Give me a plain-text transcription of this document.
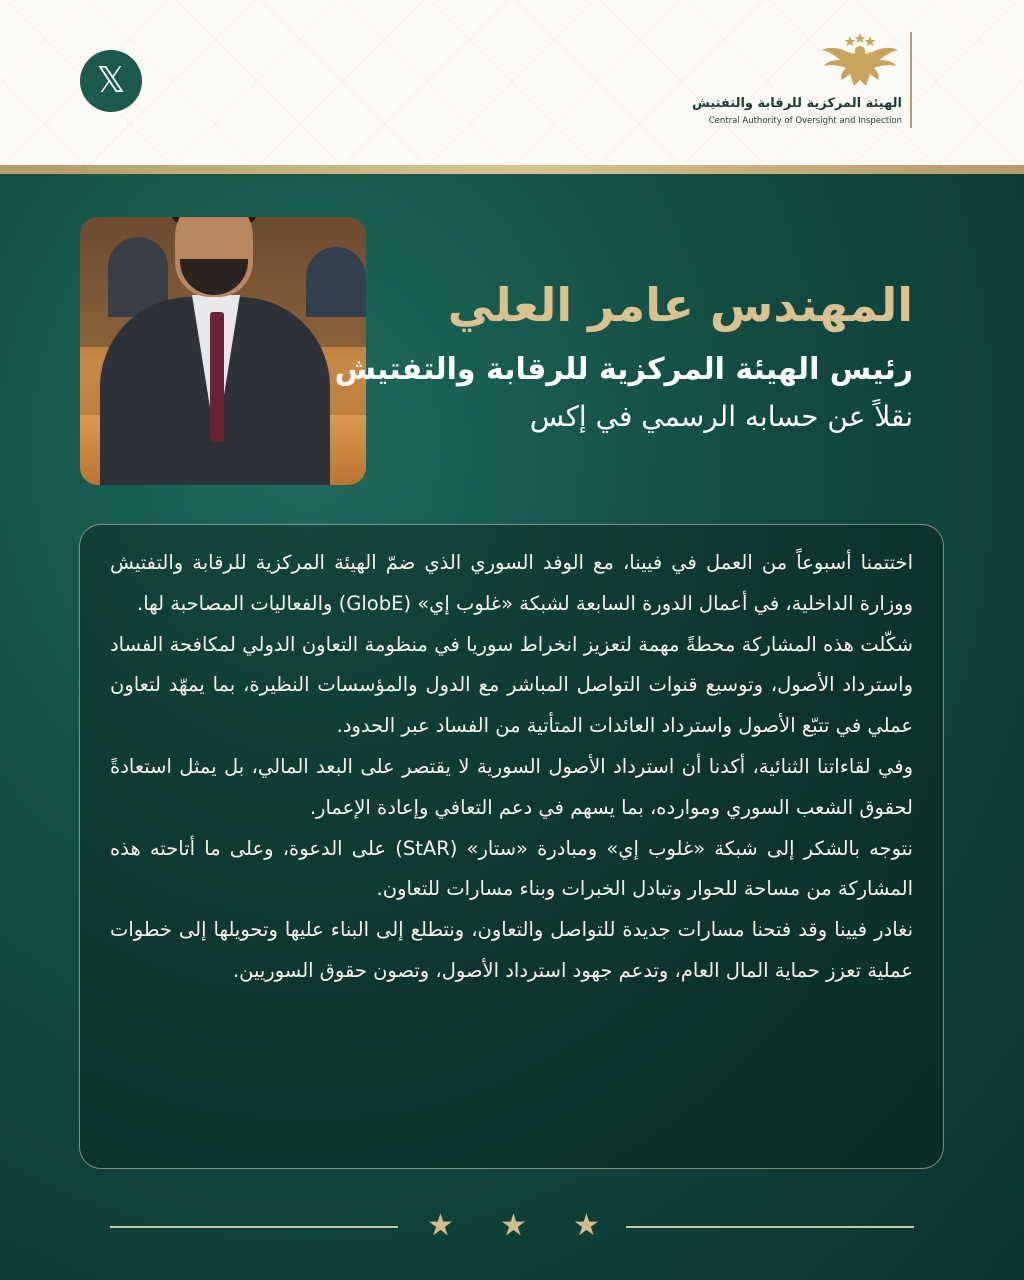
𝕏
الهيئة المركزية للرقابة والتفتيش
Central Authority of Oversight and Inspection
المهندس عامر العلي
رئيس الهيئة المركزية للرقابة والتفتيش
نقلاً عن حسابه الرسمي في إكس

اختتمنا أسبوعاً من العمل في فيينا، مع الوفد السوري الذي ضمّ الهيئة المركزية للرقابة والتفتيش ووزارة الداخلية، في أعمال الدورة السابعة لشبكة «غلوب إي» (GlobE) والفعاليات المصاحبة لها.

شكّلت هذه المشاركة محطةً مهمة لتعزيز انخراط سوريا في منظومة التعاون الدولي لمكافحة الفساد واسترداد الأصول، وتوسيع قنوات التواصل المباشر مع الدول والمؤسسات النظيرة، بما يمهّد لتعاون عملي في تتبّع الأصول واسترداد العائدات المتأتية من الفساد عبر الحدود.

وفي لقاءاتنا الثنائية، أكدنا أن استرداد الأصول السورية لا يقتصر على البعد المالي، بل يمثل استعادةً لحقوق الشعب السوري وموارده، بما يسهم في دعم التعافي وإعادة الإعمار.

نتوجه بالشكر إلى شبكة «غلوب إي» ومبادرة «ستار» (StAR) على الدعوة، وعلى ما أتاحته هذه المشاركة من مساحة للحوار وتبادل الخبرات وبناء مسارات للتعاون.

نغادر فيينا وقد فتحنا مسارات جديدة للتواصل والتعاون، ونتطلع إلى البناء عليها وتحويلها إلى خطوات عملية تعزز حماية المال العام، وتدعم جهود استرداد الأصول، وتصون حقوق السوريين.

★ ★ ★
